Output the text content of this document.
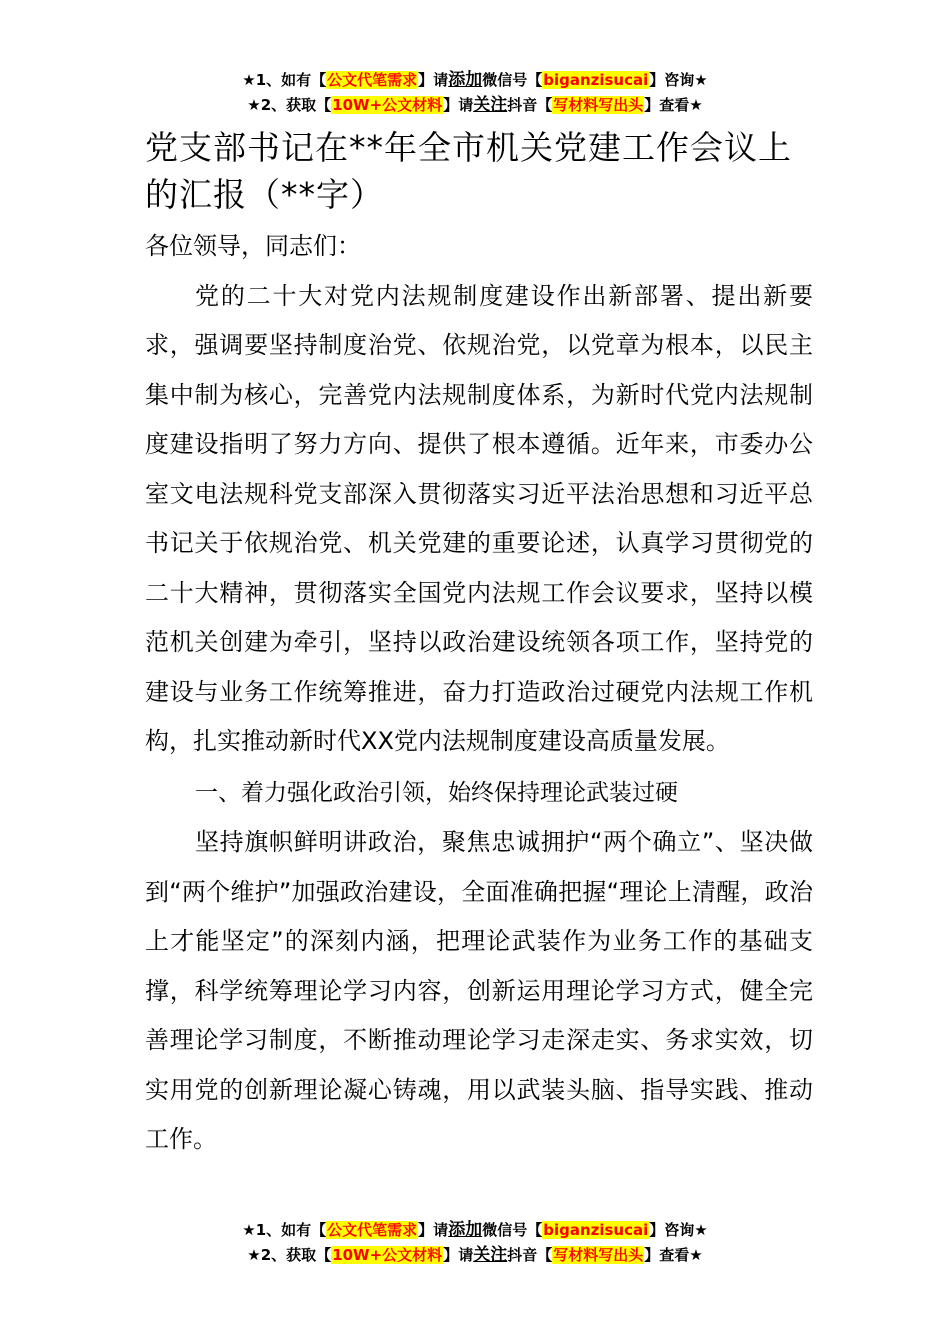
★1、如有【公文代笔需求】请添加微信号【biganzisucai】咨询★
★2、获取【10W+公文材料】请关注抖音【写材料写出头】查看★
党支部书记在**年全市机关党建工作会议上的汇报（**字）

各位领导，同志们：

党的二十大对党内法规制度建设作出新部署、提出新要求，强调要坚持制度治党、依规治党，以党章为根本，以民主集中制为核心，完善党内法规制度体系，为新时代党内法规制度建设指明了努力方向、提供了根本遵循。近年来，市委办公室文电法规科党支部深入贯彻落实习近平法治思想和习近平总书记关于依规治党、机关党建的重要论述，认真学习贯彻党的二十大精神，贯彻落实全国党内法规工作会议要求，坚持以模范机关创建为牵引，坚持以政治建设统领各项工作，坚持党的建设与业务工作统筹推进，奋力打造政治过硬党内法规工作机构，扎实推动新时代XX党内法规制度建设高质量发展。

一、着力强化政治引领，始终保持理论武装过硬

坚持旗帜鲜明讲政治，聚焦忠诚拥护“两个确立”、坚决做到“两个维护”加强政治建设，全面准确把握“理论上清醒，政治上才能坚定”的深刻内涵，把理论武装作为业务工作的基础支撑，科学统筹理论学习内容，创新运用理论学习方式，健全完善理论学习制度，不断推动理论学习走深走实、务求实效，切实用党的创新理论凝心铸魂，用以武装头脑、指导实践、推动工作。

★1、如有【公文代笔需求】请添加微信号【biganzisucai】咨询★
★2、获取【10W+公文材料】请关注抖音【写材料写出头】查看★
